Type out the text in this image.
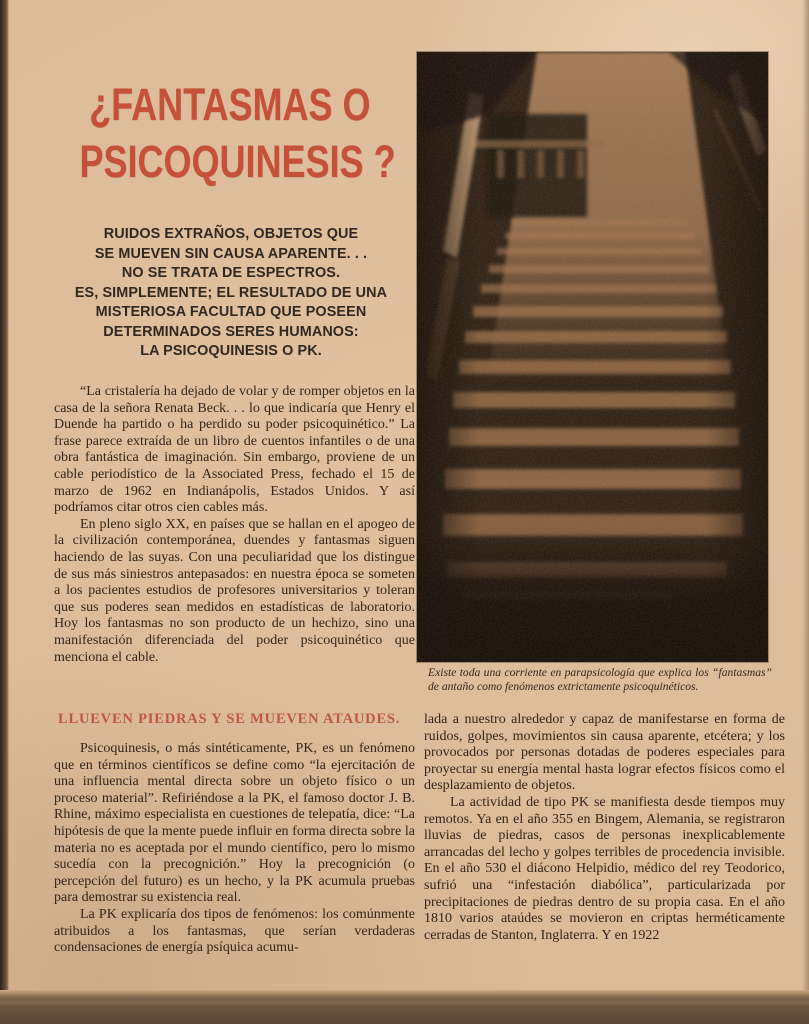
¿FANTASMAS O
PSICOQUINESIS ?
RUIDOS EXTRAÑOS, OBJETOS QUE
SE MUEVEN SIN CAUSA APARENTE. . .
NO SE TRATA DE ESPECTROS.
ES, SIMPLEMENTE; EL RESULTADO DE UNA
MISTERIOSA FACULTAD QUE POSEEN
DETERMINADOS SERES HUMANOS:
LA PSICOQUINESIS O PK.
Existe toda una corriente en parapsicología que explica los “fantasmas” de antaño como fenómenos extrictamente psicoquinéticos.

“La cristalería ha dejado de volar y de romper objetos en la casa de la señora Renata Beck. . . lo que indicaría que Henry el Duende ha partido o ha perdido su poder psicoquinético.” La frase parece extraída de un libro de cuentos infantiles o de una obra fantástica de imaginación. Sin embargo, proviene de un cable periodístico de la Associated Press, fechado el 15 de marzo de 1962 en Indianápolis, Estados Unidos. Y así podríamos citar otros cien cables más.

En pleno siglo XX, en países que se hallan en el apogeo de la civilización contemporánea, duendes y fantasmas siguen haciendo de las suyas. Con una peculiaridad que los distingue de sus más siniestros antepasados: en nuestra época se someten a los pacientes estudios de profesores universitarios y toleran que sus poderes sean medidos en estadísticas de laboratorio. Hoy los fantasmas no son producto de un hechizo, sino una manifestación diferenciada del poder psicoquinético que menciona el cable.

LLUEVEN PIEDRAS Y SE MUEVEN ATAUDES.

Psicoquinesis, o más sintéticamente, PK, es un fenómeno que en términos científicos se define como “la ejercitación de una influencia mental directa sobre un objeto físico o un proceso material”. Refiriéndose a la PK, el famoso doctor J. B. Rhine, máximo especialista en cuestiones de telepatía, dice: “La hipótesis de que la mente puede influir en forma directa sobre la materia no es aceptada por el mundo científico, pero lo mismo sucedía con la precognición.” Hoy la precognición (o percepción del futuro) es un hecho, y la PK acumula pruebas para demostrar su existencia real.

La PK explicaría dos tipos de fenómenos: los comúnmente atribuidos a los fantasmas, que serían verdaderas condensaciones de energía psíquica acumu-

lada a nuestro alrededor y capaz de manifestarse en forma de ruidos, golpes, movimientos sin causa aparente, etcétera; y los provocados por personas dotadas de poderes especiales para proyectar su energía mental hasta lograr efectos físicos como el desplazamiento de objetos.

La actividad de tipo PK se manifiesta desde tiempos muy remotos. Ya en el año 355 en Bingem, Alemania, se registraron lluvias de piedras, casos de personas inexplicablemente arrancadas del lecho y golpes terribles de procedencia invisible. En el año 530 el diácono Helpidio, médico del rey Teodorico, sufrió una “infestación diabólica”, particularizada por precipitaciones de piedras dentro de su propia casa. En el año 1810 varios ataúdes se movieron en criptas herméticamente cerradas de Stanton, Inglaterra. Y en 1922
